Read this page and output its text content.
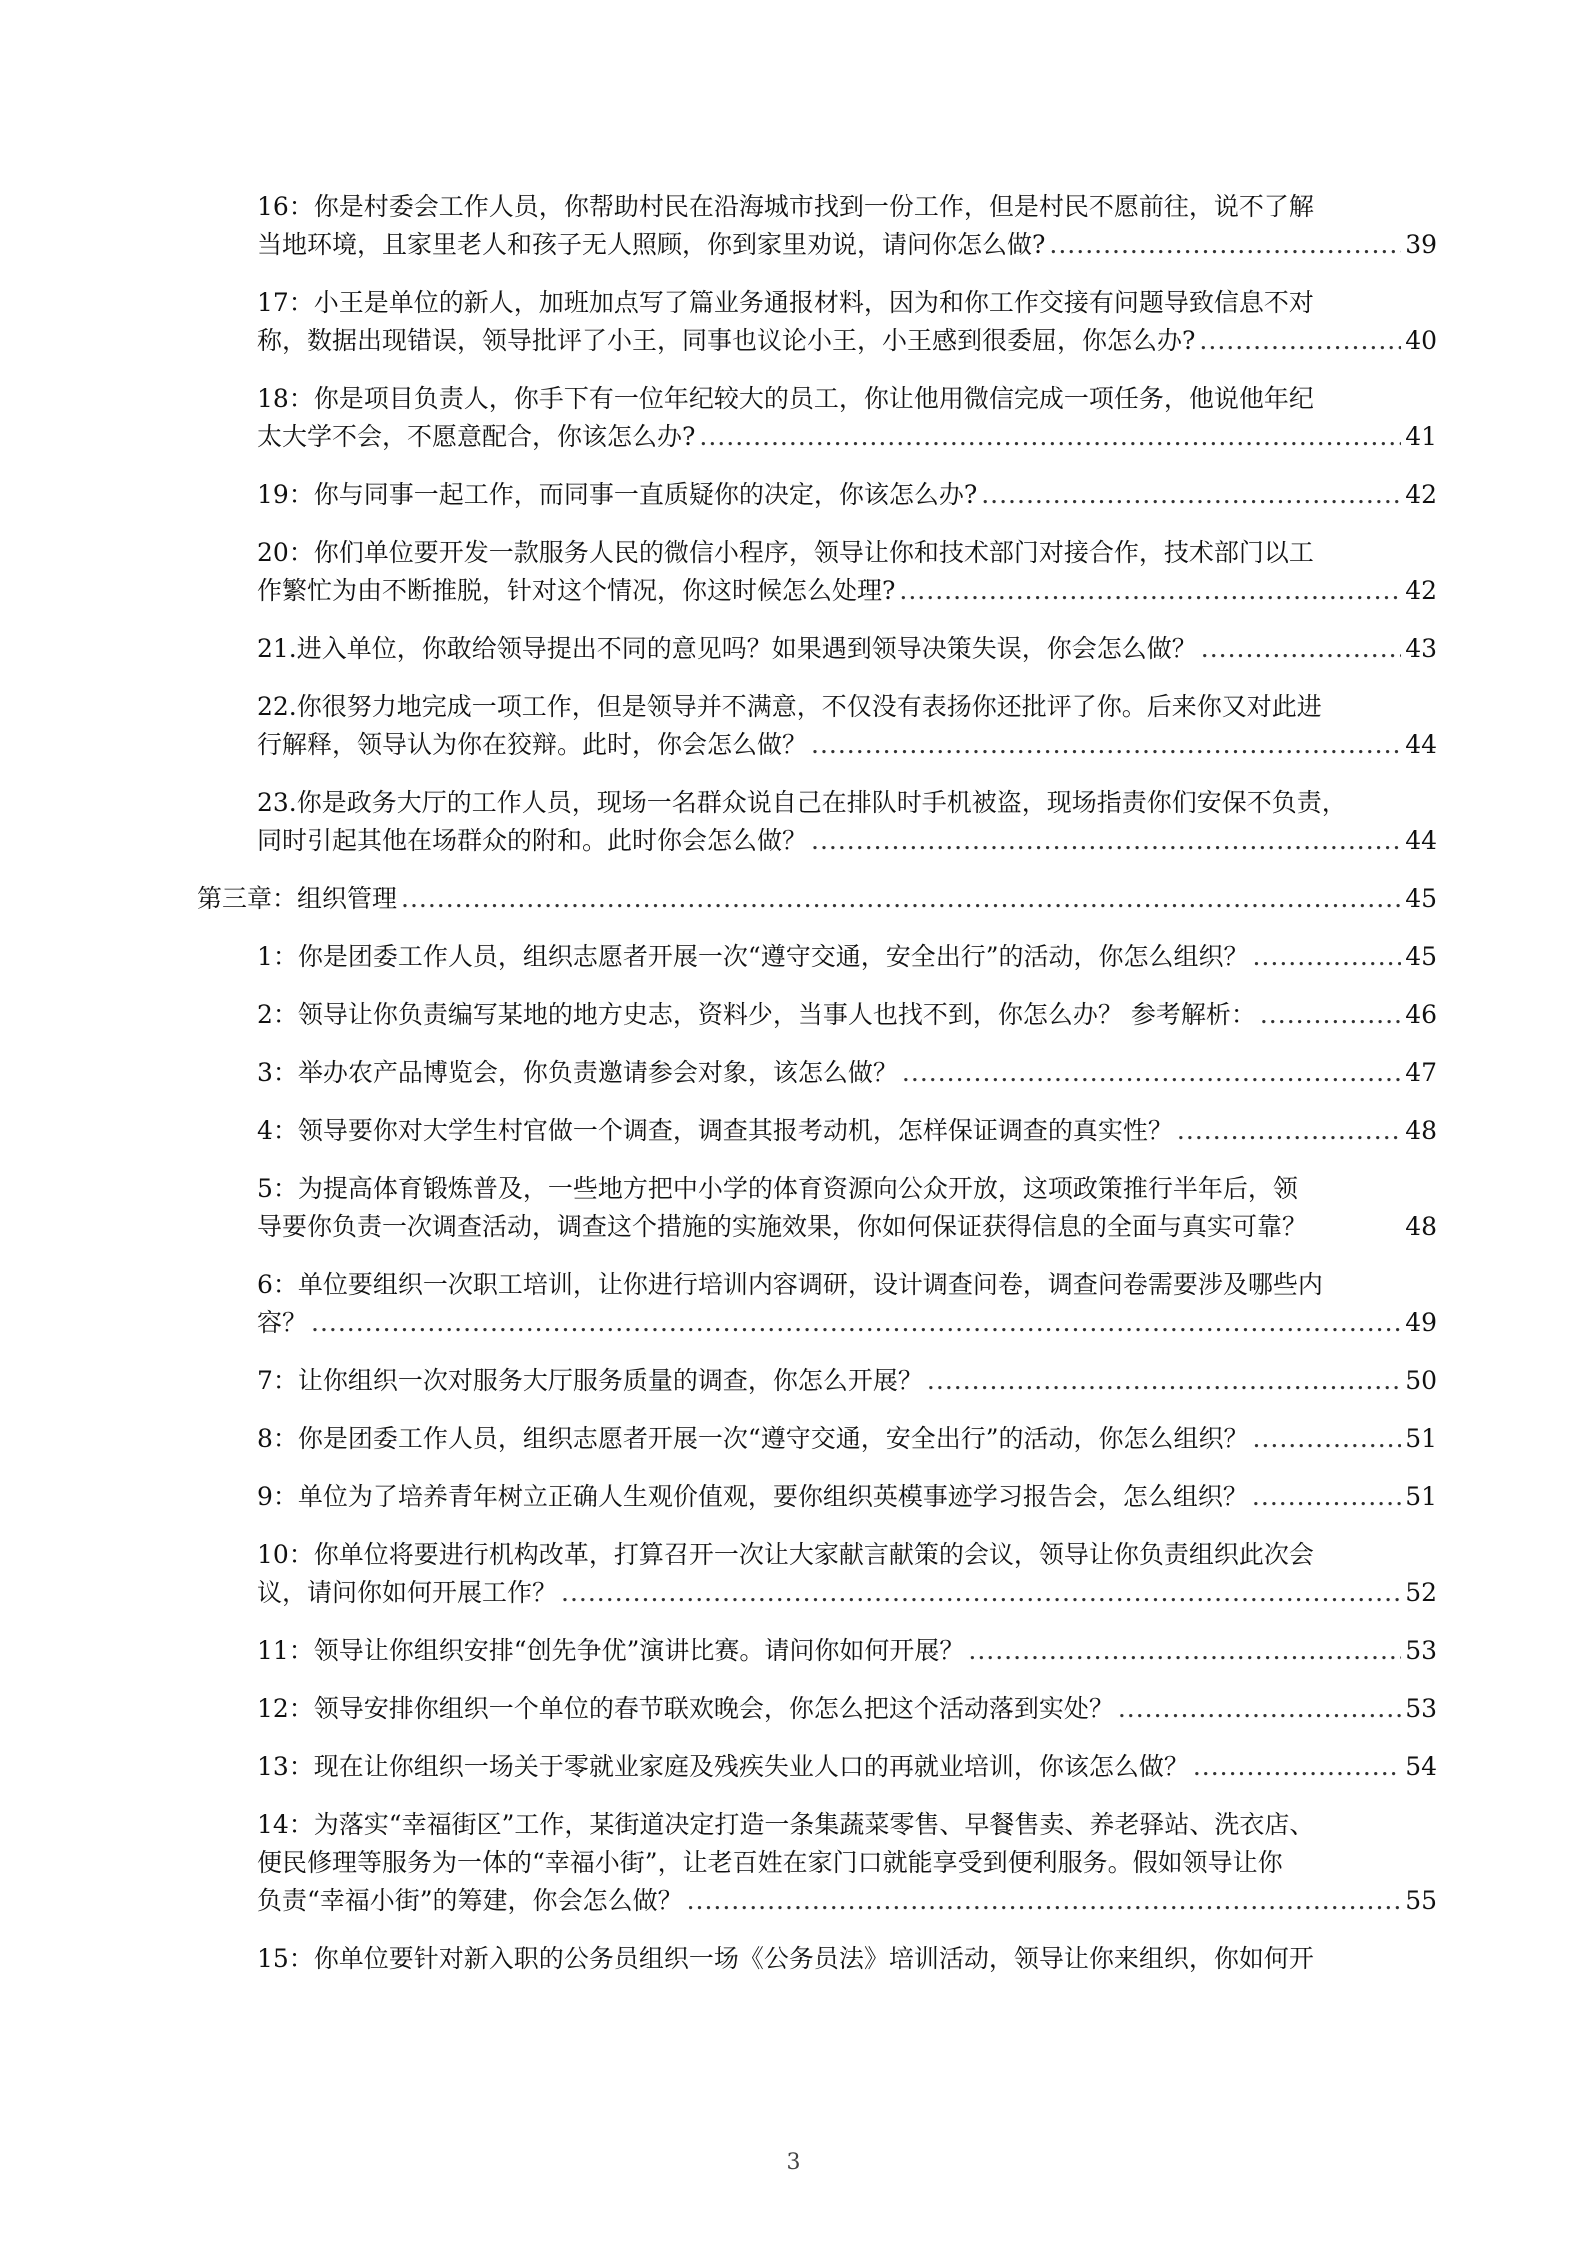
16：你是村委会工作人员，你帮助村民在沿海城市找到一份工作，但是村民不愿前往，说不了解
当地环境，且家里老人和孩子无人照顾，你到家里劝说，请问你怎么做? .....	39
17：小王是单位的新人，加班加点写了篇业务通报材料，因为和你工作交接有问题导致信息不对
称，数据出现错误，领导批评了小王，同事也议论小王，小王感到很委屈，你怎么办? .....	40
18：你是项目负责人，你手下有一位年纪较大的员工，你让他用微信完成一项任务，他说他年纪
太大学不会，不愿意配合，你该怎么办? .....	41
19：你与同事一起工作，而同事一直质疑你的决定，你该怎么办? .....	42
20：你们单位要开发一款服务人民的微信小程序，领导让你和技术部门对接合作，技术部门以工
作繁忙为由不断推脱，针对这个情况，你这时候怎么处理? .....	42
21.进入单位，你敢给领导提出不同的意见吗？如果遇到领导决策失误，你会怎么做？ .....	43
22.你很努力地完成一项工作，但是领导并不满意，不仅没有表扬你还批评了你。后来你又对此进
行解释，领导认为你在狡辩。此时，你会怎么做？ .....	44
23.你是政务大厅的工作人员，现场一名群众说自己在排队时手机被盗，现场指责你们安保不负责，
同时引起其他在场群众的附和。此时你会怎么做？ .....	44
第三章：组织管理 .....	45
1：你是团委工作人员，组织志愿者开展一次“遵守交通，安全出行”的活动，你怎么组织？ .....	45
2：领导让你负责编写某地的地方史志，资料少，当事人也找不到，你怎么办？ 参考解析： .....	46
3：举办农产品博览会，你负责邀请参会对象，该怎么做？ .....	47
4：领导要你对大学生村官做一个调查，调查其报考动机，怎样保证调查的真实性？ .....	48
5：为提高体育锻炼普及，一些地方把中小学的体育资源向公众开放，这项政策推行半年后，领
导要你负责一次调查活动，调查这个措施的实施效果，你如何保证获得信息的全面与真实可靠？	48
6：单位要组织一次职工培训，让你进行培训内容调研，设计调查问卷，调查问卷需要涉及哪些内
容？ .....	49
7：让你组织一次对服务大厅服务质量的调查，你怎么开展？ .....	50
8：你是团委工作人员，组织志愿者开展一次“遵守交通，安全出行”的活动，你怎么组织？ .....	51
9：单位为了培养青年树立正确人生观价值观，要你组织英模事迹学习报告会，怎么组织？ .....	51
10：你单位将要进行机构改革，打算召开一次让大家献言献策的会议，领导让你负责组织此次会
议，请问你如何开展工作？ .....	52
11：领导让你组织安排“创先争优”演讲比赛。请问你如何开展？ .....	53
12：领导安排你组织一个单位的春节联欢晚会，你怎么把这个活动落到实处？ .....	53
13：现在让你组织一场关于零就业家庭及残疾失业人口的再就业培训，你该怎么做？ .....	54
14：为落实“幸福街区”工作，某街道决定打造一条集蔬菜零售、早餐售卖、养老驿站、洗衣店、
便民修理等服务为一体的“幸福小街”，让老百姓在家门口就能享受到便利服务。假如领导让你
负责“幸福小街”的筹建，你会怎么做？ .....	55
15：你单位要针对新入职的公务员组织一场《公务员法》培训活动，领导让你来组织，你如何开
3
